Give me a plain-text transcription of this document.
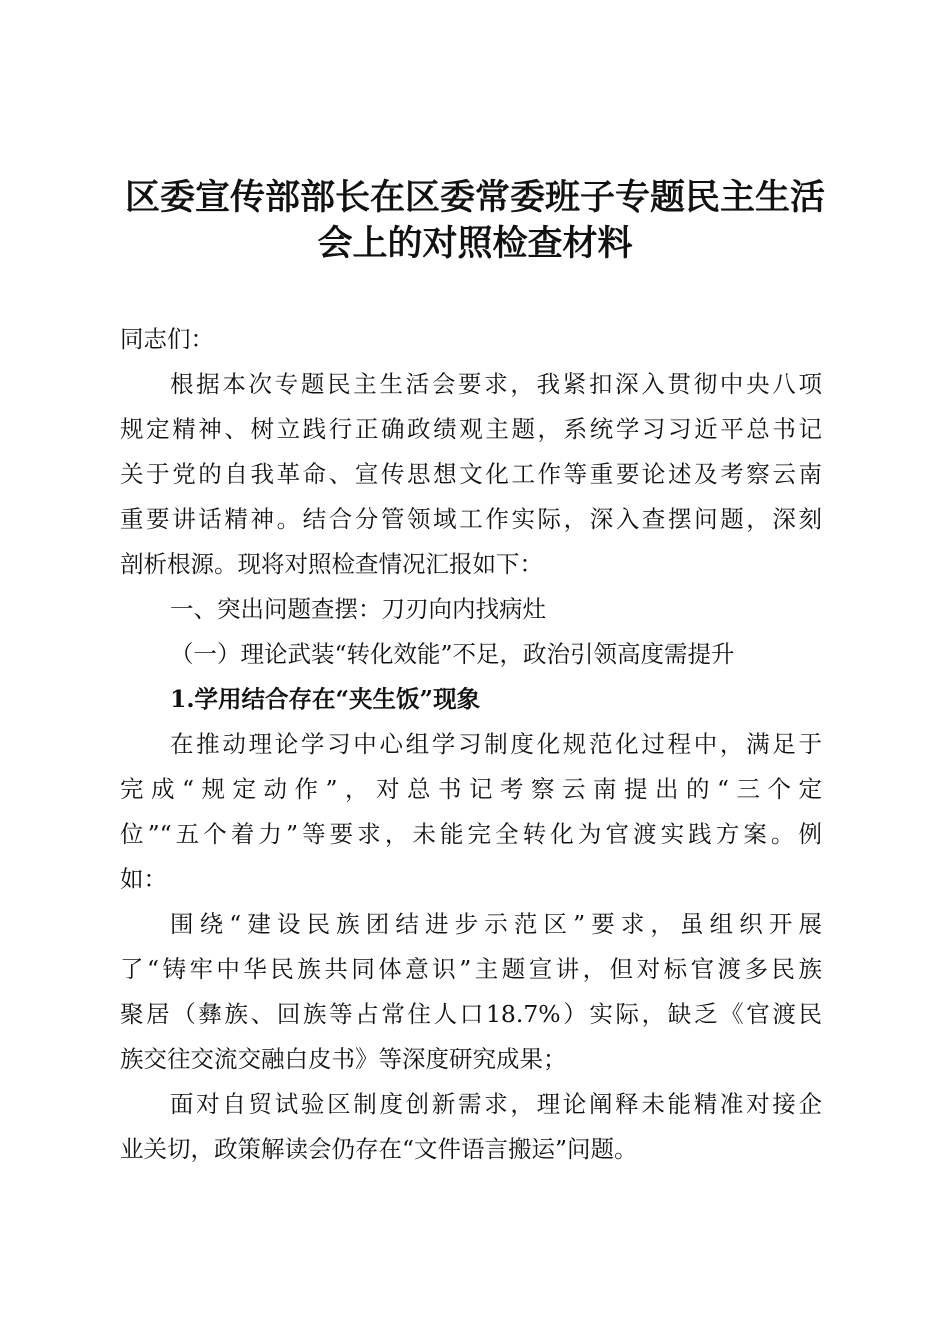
区委宣传部部长在区委常委班子专题民主生活
会上的对照检查材料
同志们：
根据本次专题民主生活会要求，我紧扣深入贯彻中央八项
规定精神、树立践行正确政绩观主题，系统学习习近平总书记
关于党的自我革命、宣传思想文化工作等重要论述及考察云南
重要讲话精神。结合分管领域工作实际，深入查摆问题，深刻
剖析根源。现将对照检查情况汇报如下：
一、突出问题查摆：刀刃向内找病灶
（一）理论武装“转化效能”不足，政治引领高度需提升
1.学用结合存在“夹生饭”现象
在推动理论学习中心组学习制度化规范化过程中，满足于
完成“规定动作”，对总书记考察云南提出的“三个定
位”“五个着力”等要求，未能完全转化为官渡实践方案。例
如：
围绕“建设民族团结进步示范区”要求，虽组织开展
了“铸牢中华民族共同体意识”主题宣讲，但对标官渡多民族
聚居（彝族、回族等占常住人口18.7%）实际，缺乏《官渡民
族交往交流交融白皮书》等深度研究成果；
面对自贸试验区制度创新需求，理论阐释未能精准对接企
业关切，政策解读会仍存在“文件语言搬运”问题。
